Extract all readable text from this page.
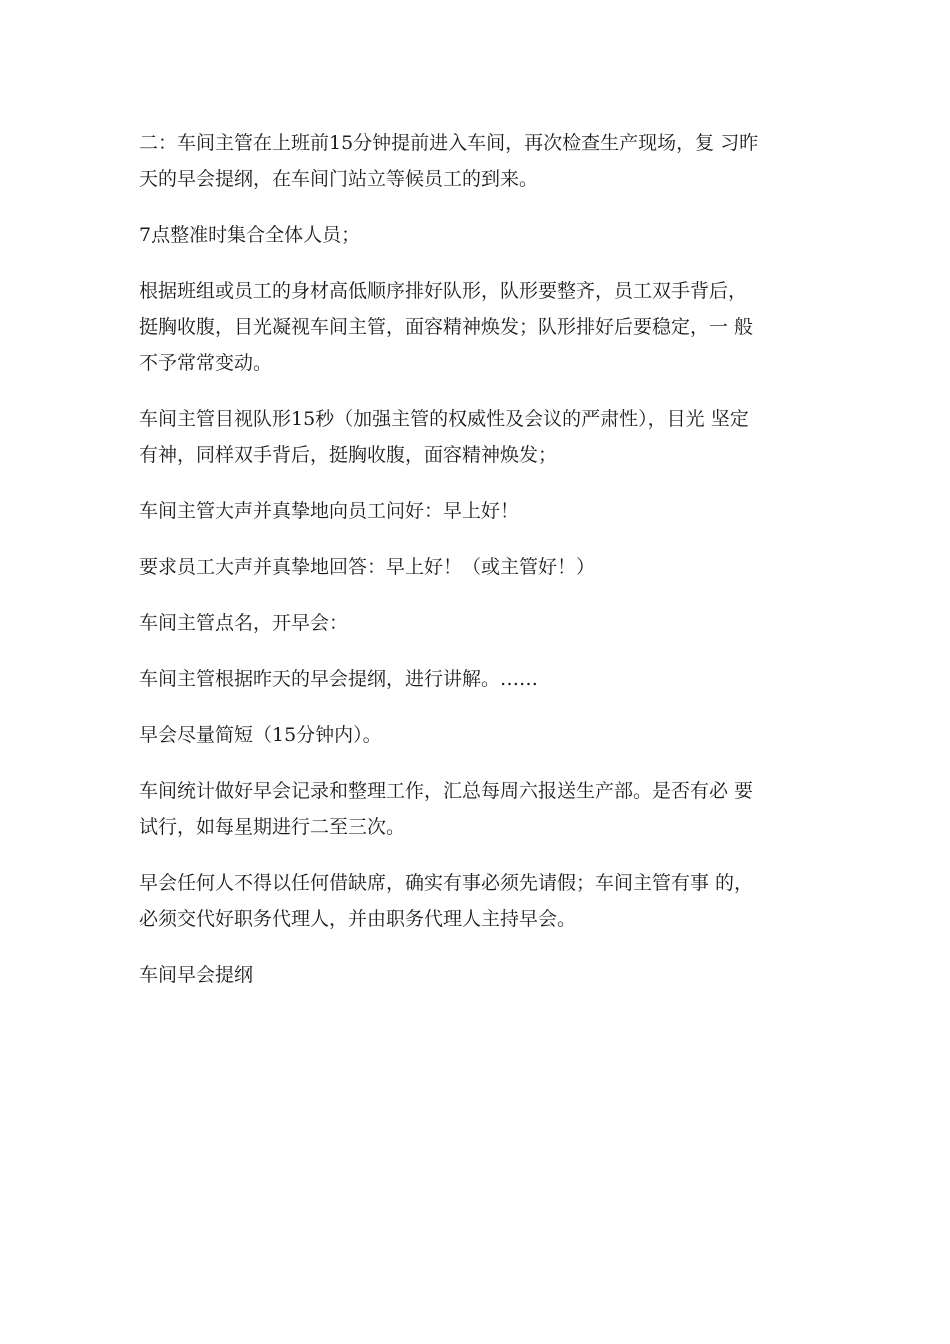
二：车间主管在上班前15分钟提前进入车间，再次检查生产现场，复 习昨
天的早会提纲，在车间门站立等候员工的到来。

7点整准时集合全体人员；

根据班组或员工的身材高低顺序排好队形，队形要整齐，员工双手背后，
挺胸收腹，目光凝视车间主管，面容精神焕发；队形排好后要稳定，一 般
不予常常变动。

车间主管目视队形15秒（加强主管的权威性及会议的严肃性），目光 坚定
有神，同样双手背后，挺胸收腹，面容精神焕发；

车间主管大声并真挚地向员工问好：早上好！

要求员工大声并真挚地回答：早上好！（或主管好！）

车间主管点名，开早会：

车间主管根据昨天的早会提纲，进行讲解。……

早会尽量简短（15分钟内）。

车间统计做好早会记录和整理工作，汇总每周六报送生产部。是否有必 要
试行，如每星期进行二至三次。

早会任何人不得以任何借缺席，确实有事必须先请假；车间主管有事 的，
必须交代好职务代理人，并由职务代理人主持早会。

车间早会提纲
